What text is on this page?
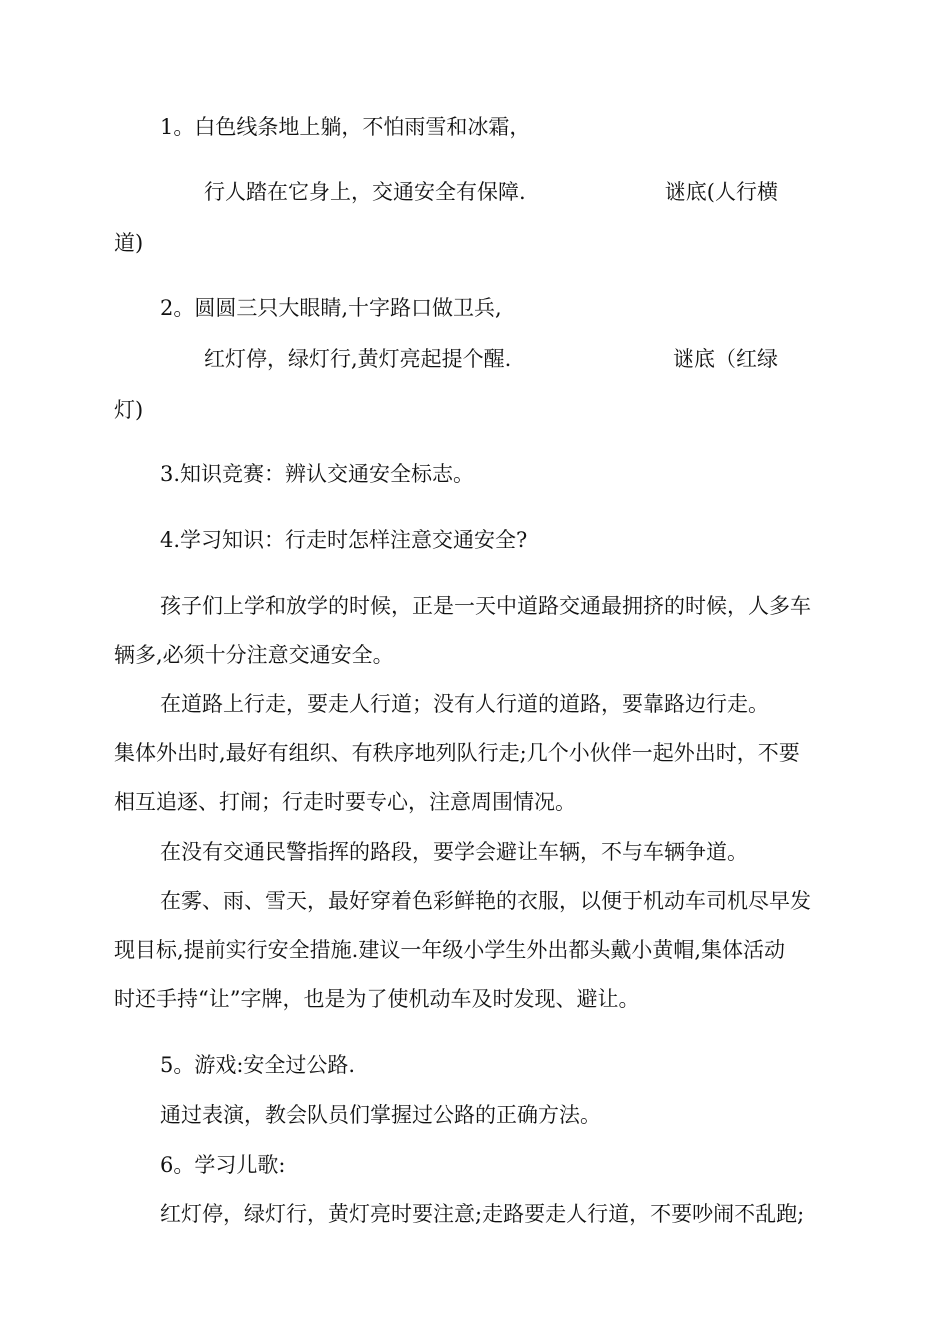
1。白色线条地上躺，不怕雨雪和冰霜，
行人踏在它身上，交通安全有保障.	谜底(人行横
道)
2。圆圆三只大眼睛,十字路口做卫兵,
红灯停，绿灯行,黄灯亮起提个醒.	谜底（红绿
灯)
3.知识竞赛：辨认交通安全标志。
4.学习知识：行走时怎样注意交通安全?
孩子们上学和放学的时候，正是一天中道路交通最拥挤的时候，人多车
辆多,必须十分注意交通安全。
在道路上行走，要走人行道；没有人行道的道路，要靠路边行走。
集体外出时,最好有组织、有秩序地列队行走;几个小伙伴一起外出时，不要
相互追逐、打闹；行走时要专心，注意周围情况。
在没有交通民警指挥的路段，要学会避让车辆，不与车辆争道。
在雾、雨、雪天，最好穿着色彩鲜艳的衣服，以便于机动车司机尽早发
现目标,提前实行安全措施.建议一年级小学生外出都头戴小黄帽,集体活动
时还手持“让”字牌，也是为了使机动车及时发现、避让。
5。游戏:安全过公路.
通过表演，教会队员们掌握过公路的正确方法。
6。学习儿歌:
红灯停，绿灯行，黄灯亮时要注意;走路要走人行道，不要吵闹不乱跑;
